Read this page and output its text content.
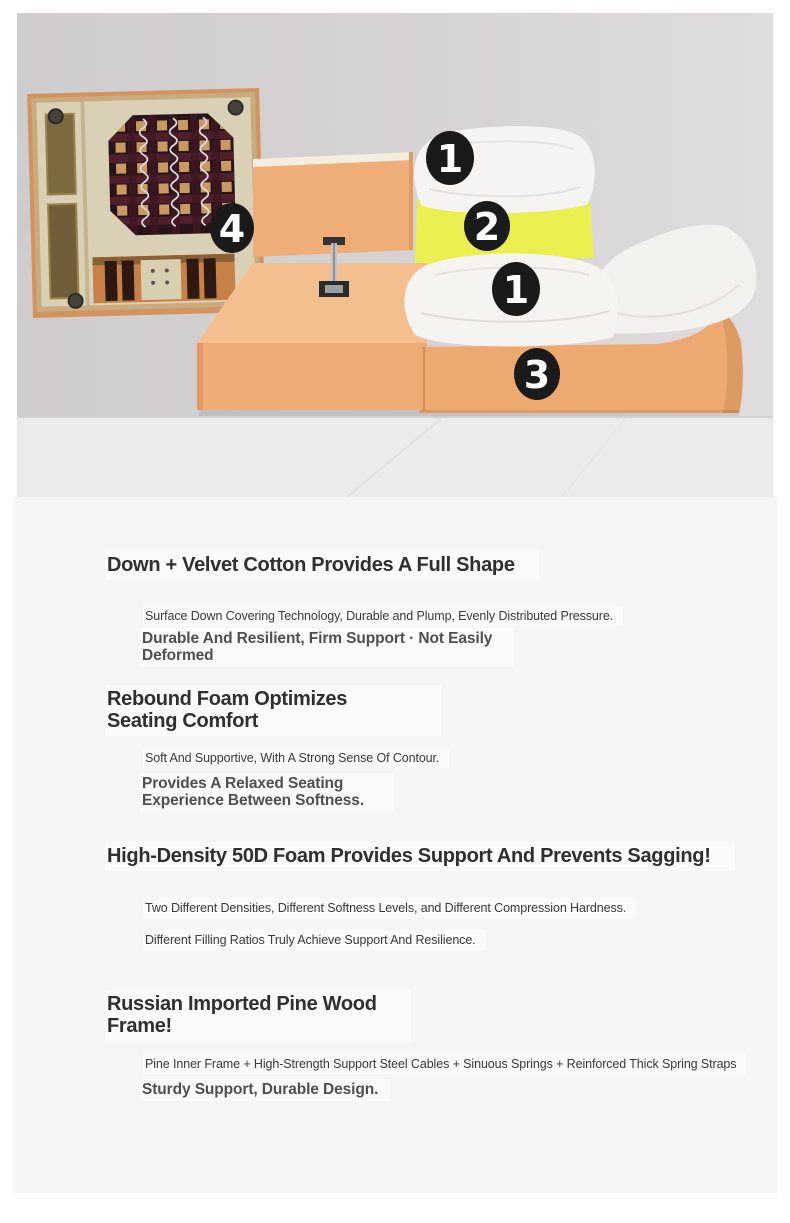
1
2
4
1
3
Down + Velvet Cotton Provides A Full Shape
Surface Down Covering Technology, Durable and Plump, Evenly Distributed Pressure.
Durable And Resilient, Firm Support · Not Easily Deformed
Rebound Foam Optimizes Seating Comfort
Soft And Supportive, With A Strong Sense Of Contour.
Provides A Relaxed Seating Experience Between Softness.
High-Density 50D Foam Provides Support And Prevents Sagging!
Two Different Densities, Different Softness Levels, and Different Compression Hardness.
Different Filling Ratios Truly Achieve Support And Resilience.
Russian Imported Pine Wood Frame!
Pine Inner Frame + High-Strength Support Steel Cables + Sinuous Springs + Reinforced Thick Spring Straps
Sturdy Support, Durable Design.
